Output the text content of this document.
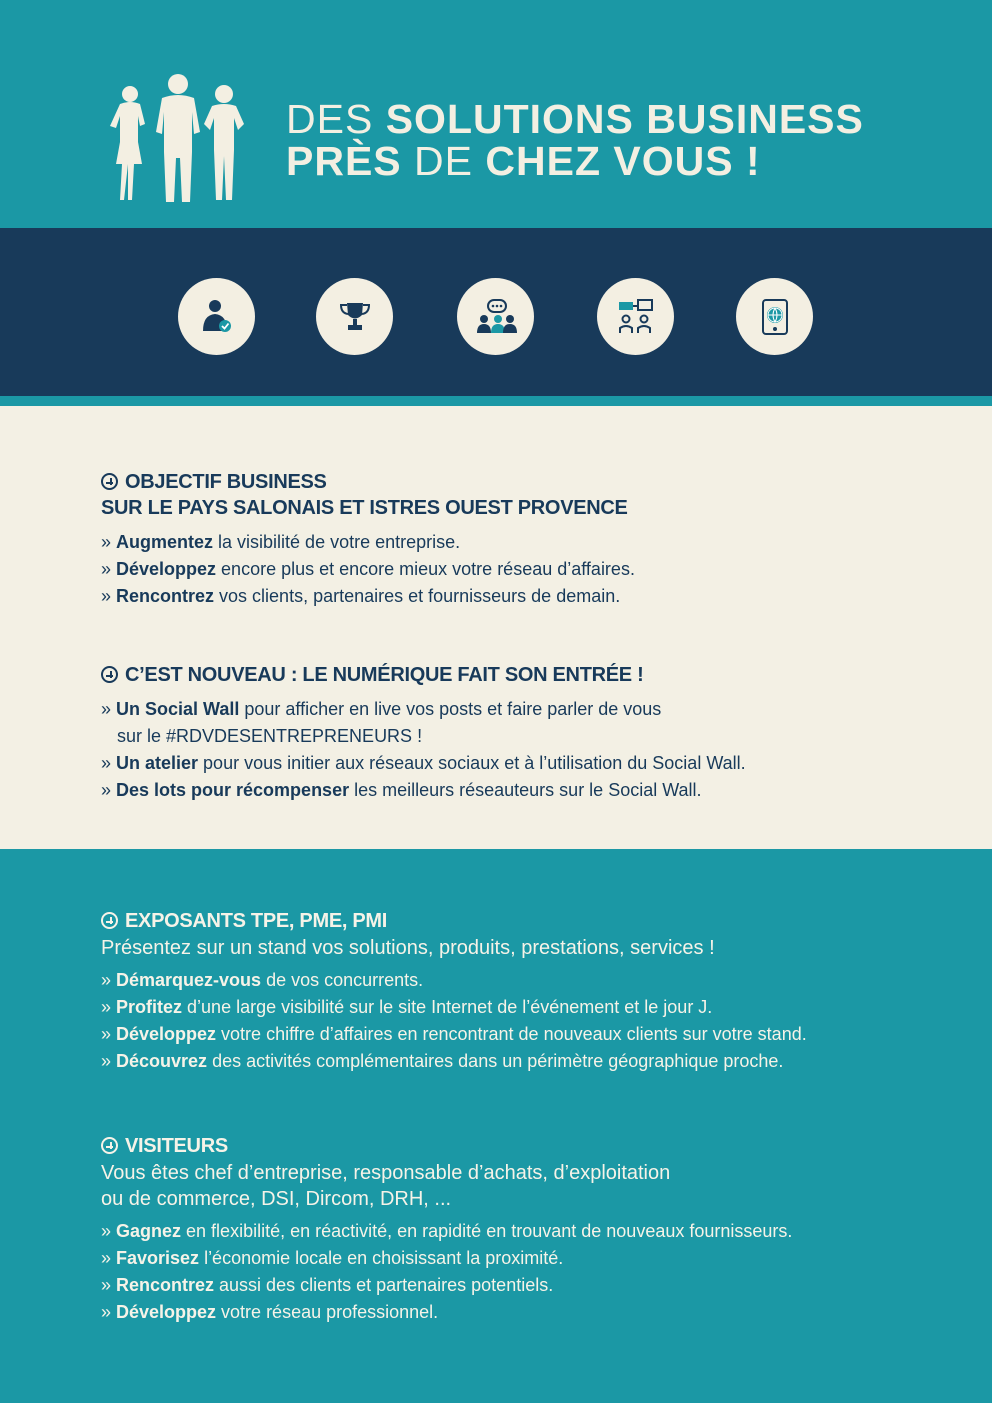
DES SOLUTIONS BUSINESS
PRÈS DE CHEZ VOUS !
OBJECTIF BUSINESS
SUR LE PAYS SALONAIS ET ISTRES OUEST PROVENCE
» Augmentez la visibilité de votre entreprise.
» Développez encore plus et encore mieux votre réseau d’affaires.
» Rencontrez vos clients, partenaires et fournisseurs de demain.
C’EST NOUVEAU : LE NUMÉRIQUE FAIT SON ENTRÉE !
» Un Social Wall pour afficher en live vos posts et faire parler de vous
sur le #RDVDESENTREPRENEURS !
» Un atelier pour vous initier aux réseaux sociaux et à l’utilisation du Social Wall.
» Des lots pour récompenser les meilleurs réseauteurs sur le Social Wall.
EXPOSANTS TPE, PME, PMI
Présentez sur un stand vos solutions, produits, prestations, services !
» Démarquez-vous de vos concurrents.
» Profitez d’une large visibilité sur le site Internet de l’événement et le jour J.
» Développez votre chiffre d’affaires en rencontrant de nouveaux clients sur votre stand.
» Découvrez des activités complémentaires dans un périmètre géographique proche.
VISITEURS
Vous êtes chef d’entreprise, responsable d’achats, d’exploitation
ou de commerce, DSI, Dircom, DRH, ...
» Gagnez en flexibilité, en réactivité, en rapidité en trouvant de nouveaux fournisseurs.
» Favorisez l’économie locale en choisissant la proximité.
» Rencontrez aussi des clients et partenaires potentiels.
» Développez votre réseau professionnel.
